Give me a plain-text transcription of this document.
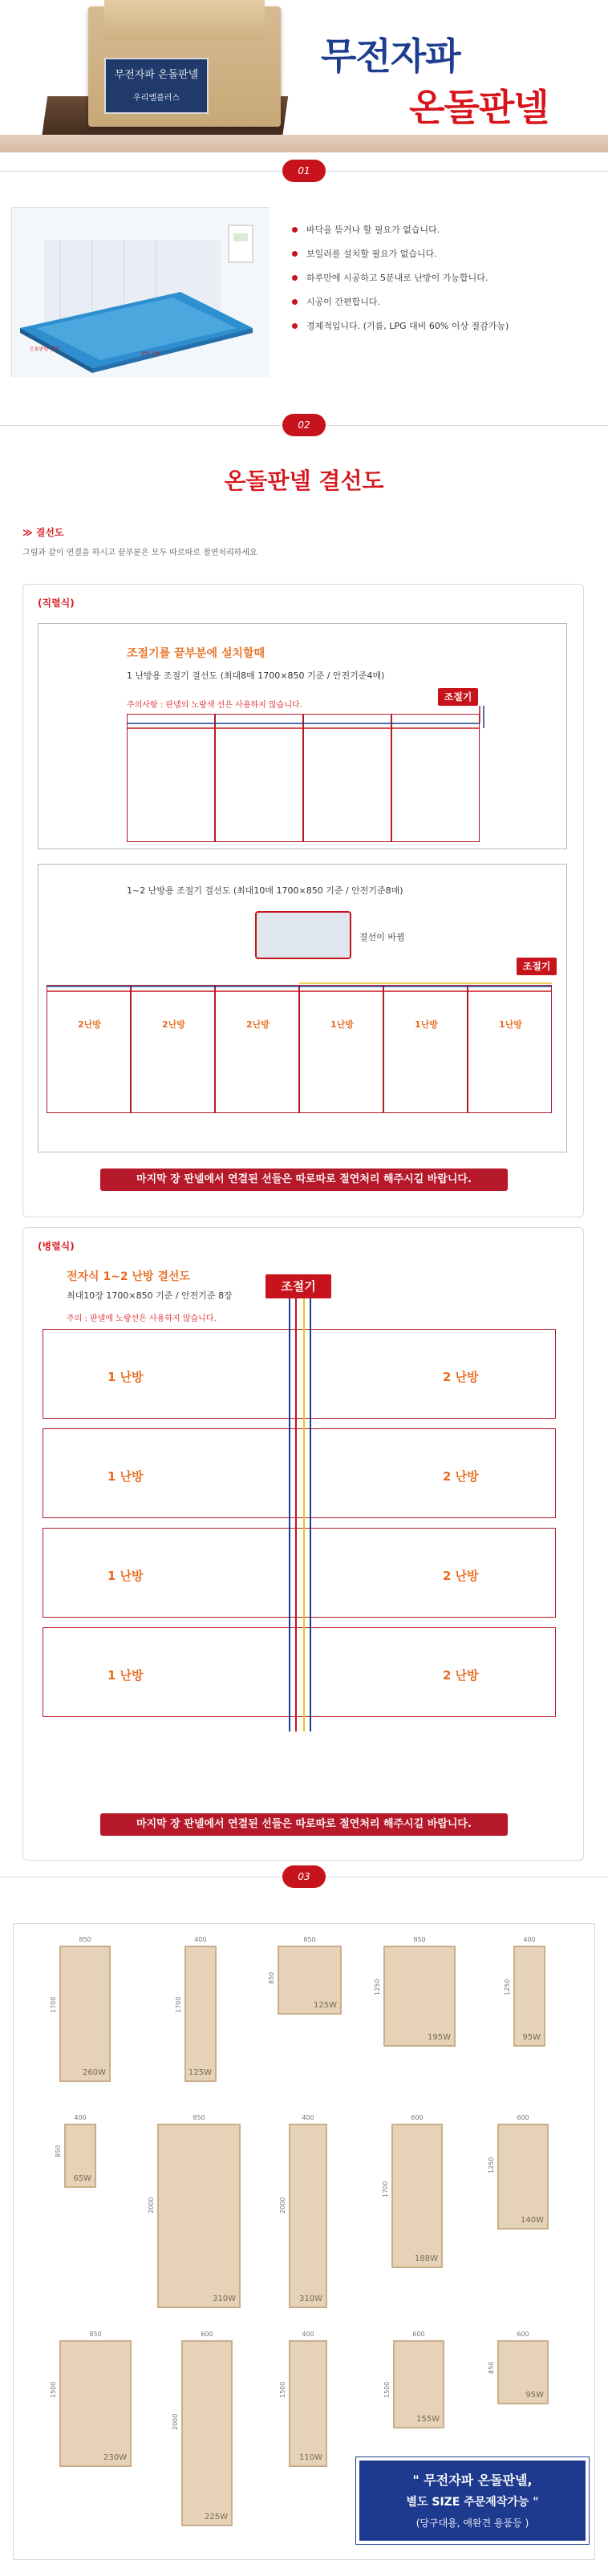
무전자파 온돌판넬
우리엘플러스
무전자파
온돌판넬
01
온돌판넬 단면
방열 장판
바닥을 뜯거나 할 필요가 없습니다.
보일러를 설치할 필요가 없습니다.
하루만에 시공하고 5분내로 난방이 가능합니다.
시공이 간편합니다.
경제적입니다. (기름, LPG 대비 60% 이상 절감가능)
02
온돌판넬 결선도
≫ 결선도
그림과 같이 연결을 하시고 끝부분은 모두 따로따로 절연처리하세요
(직렬식)
조절기를 끝부분에 설치할때
1 난방용 조절기 결선도 (최대8매 1700×850 기준 / 안전기준4매)
주의사항 : 판넬의 노랑색 선은 사용하지 않습니다.
조절기
1~2 난방용 조절기 결선도 (최대10매 1700×850 기준 / 안전기준8매)
결선이 바뀜
조절기
2난방	2난방	2난방	1난방	1난방	1난방
마지막 장 판넬에서 연결된 선들은 따로따로 절연처리 해주시길 바랍니다.
(병렬식)
전자식 1~2 난방 결선도
최대10장 1700×850 기준 / 안전기준 8장
주의 : 판넬에 노랑선은 사용하지 않습니다.
조절기
1 난방	2 난방
1 난방	2 난방
1 난방	2 난방
1 난방	2 난방
마지막 장 판넬에서 연결된 선들은 따로따로 절연처리 해주시길 바랍니다.
03
850
1700
260W
400
1700
125W
850
850
125W
850
1250
195W
400
1250
95W
400
850
65W
850
2000
310W
400
2000
310W
600
1700
188W
600
1250
140W
850
1500
230W
600
2000
225W
400
1500
110W
600
1500
155W
600
850
95W
" 무전자파 온돌판넬,
별도 SIZE 주문제작가능 "
(당구대용, 애완견 용품등 )
